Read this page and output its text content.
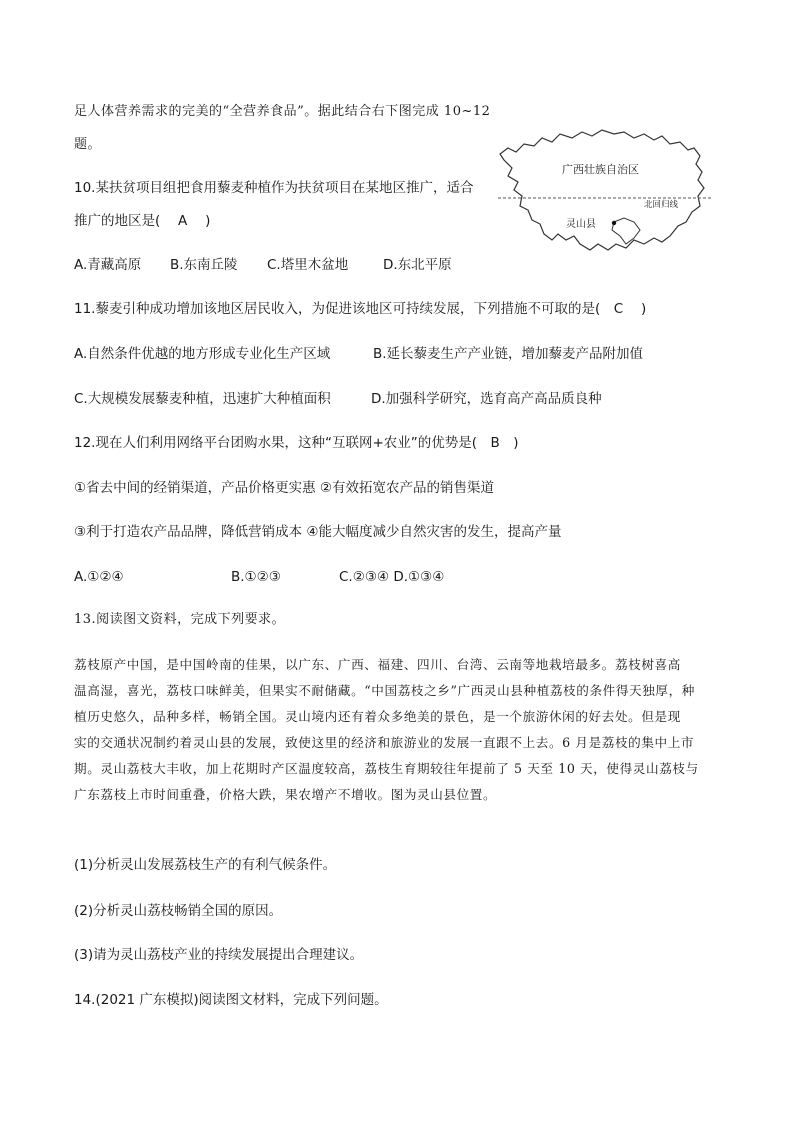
足人体营养需求的完美的“全营养食品”。据此结合右下图完成 10~12
题。
广西壮族自治区
北回归线
灵山县
10.某扶贫项目组把食用藜麦种植作为扶贫项目在某地区推广，适合
推广的地区是(　 A　 )
A.青藏高原 B.东南丘陵 C.塔里木盆地	D.东北平原
11.藜麦引种成功增加该地区居民收入，为促进该地区可持续发展，下列措施不可取的是(　C　 )
A.自然条件优越的地方形成专业化生产区域	B.延长藜麦生产产业链，增加藜麦产品附加值
C.大规模发展藜麦种植，迅速扩大种植面积	D.加强科学研究，选育高产高品质良种
12.现在人们利用网络平台团购水果，这种“互联网+农业”的优势是(　B　)
①省去中间的经销渠道，产品价格更实惠 ②有效拓宽农产品的销售渠道
③利于打造农产品品牌，降低营销成本 ④能大幅度减少自然灾害的发生，提高产量
A.①②④	B.①②③	C.②③④ D.①③④
13.阅读图文资料，完成下列要求。
荔枝原产中国，是中国岭南的佳果，以广东、广西、福建、四川、台湾、云南等地栽培最多。荔枝树喜高
温高湿，喜光，荔枝口味鲜美，但果实不耐储藏。“中国荔枝之乡”广西灵山县种植荔枝的条件得天独厚，种
植历史悠久，品种多样，畅销全国。灵山境内还有着众多绝美的景色，是一个旅游休闲的好去处。但是现
实的交通状况制约着灵山县的发展，致使这里的经济和旅游业的发展一直跟不上去。6 月是荔枝的集中上市
期。灵山荔枝大丰收，加上花期时产区温度较高，荔枝生育期较往年提前了 5 天至 10 天，使得灵山荔枝与
广东荔枝上市时间重叠，价格大跌，果农增产不增收。图为灵山县位置。
(1)分析灵山发展荔枝生产的有利气候条件。
(2)分析灵山荔枝畅销全国的原因。
(3)请为灵山荔枝产业的持续发展提出合理建议。
14.(2021 广东模拟)阅读图文材料，完成下列问题。
